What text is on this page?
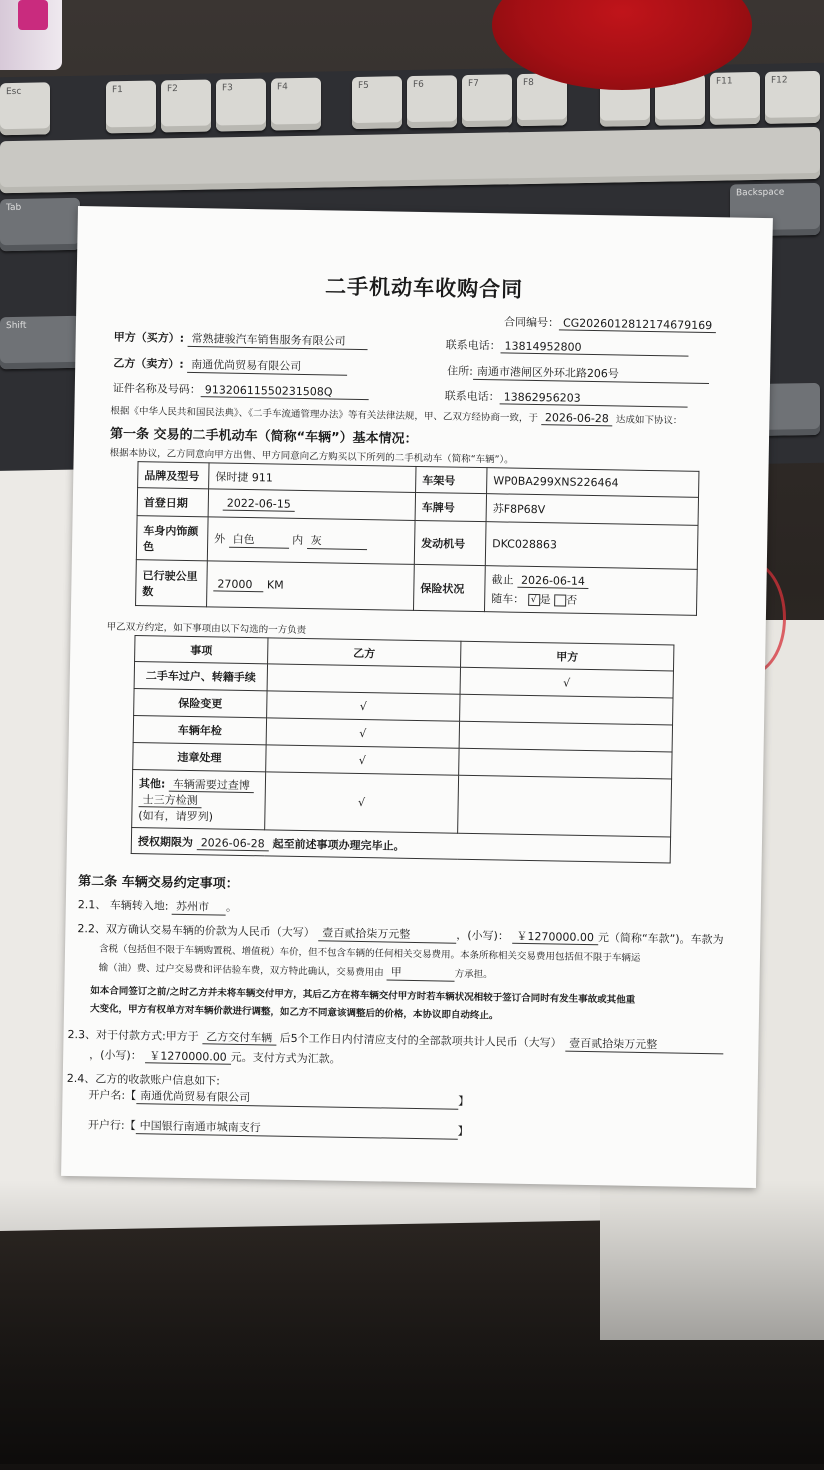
Esc	F1	F2	F3	F4	F5	F6	F7	F8	F11	F12
Backspace
Tab
Shift
二手机动车收购合同
合同编号： CG2026012812174679169
甲方（买方）: 常熟捷骏汽车销售服务有限公司	联系电话： 13814952800
乙方（卖方）: 南通优尚贸易有限公司	住所: 南通市港闸区外环北路206号
证件名称及号码： 91320611550231508Q	联系电话： 13862956203
根据《中华人民共和国民法典》、《二手车流通管理办法》等有关法律法规，甲、乙双方经协商一致，于 2026-06-28 达成如下协议：
第一条 交易的二手机动车（简称“车辆”）基本情况：
根据本协议，乙方同意向甲方出售、甲方同意向乙方购买以下所列的二手机动车（简称“车辆”）。
品牌及型号	保时捷 911	车架号	WP0BA299XNS226464
首登日期	2022-06-15	车牌号	苏F8P68V
车身内饰颜色	外 白色 内 灰	发动机号	DKC028863
已行驶公里数	27000 KM	保险状况	截止 2026-06-14
随车： √ 是 否
甲乙双方约定，如下事项由以下勾选的一方负责
事项	乙方	甲方
二手车过户、转籍手续		√
保险变更	√	
车辆年检	√	
违章处理	√	

其他: 车辆需要过查博
士三方检测
(如有，请罗列)	√	
授权期限为 2026-06-28 起至前述事项办理完毕止。		
第二条 车辆交易约定事项：
2.1、 车辆转入地: 苏州市 。
2.2、双方确认交易车辆的价款为人民币（大写） 壹百贰拾柒万元整	，(小写)： ￥1270000.00 元（简称“车款”)。车款为
含税（包括但不限于车辆购置税、增值税）车价，但不包含车辆的任何相关交易费用。本条所称相关交易费用包括但不限于车辆运
输（油）费、过户交易费和评估验车费，双方特此确认，交易费用由 甲	方承担。
如本合同签订之前/之时乙方并未将车辆交付甲方，其后乙方在将车辆交付甲方时若车辆状况相较于签订合同时有发生事故或其他重
大变化，甲方有权单方对车辆价款进行调整，如乙方不同意该调整后的价格，本协议即自动终止。
2.3、对于付款方式:甲方于 乙方交付车辆 后5个工作日内付清应支付的全部款项共计人民币（大写） 壹百贰拾柒万元整
，(小写)： ￥1270000.00 元。支付方式为汇款。
2.4、乙方的收款账户信息如下:
开户名:【 南通优尚贸易有限公司	】
开户行:【 中国银行南通市城南支行	】
